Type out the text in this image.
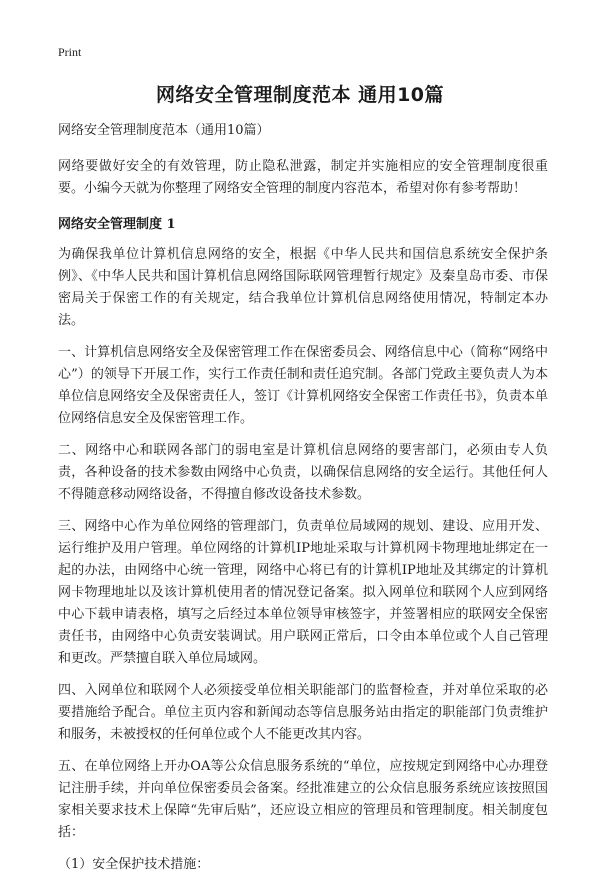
Print
网络安全管理制度范本 通用10篇

网络安全管理制度范本（通用10篇）

网络要做好安全的有效管理，防止隐私泄露，制定并实施相应的安全管理制度很重要。小编今天就为你整理了网络安全管理的制度内容范本，希望对你有参考帮助！

网络安全管理制度 1

为确保我单位计算机信息网络的安全，根据《中华人民共和国信息系统安全保护条例》、《中华人民共和国计算机信息网络国际联网管理暂行规定》及秦皇岛市委、市保密局关于保密工作的有关规定，结合我单位计算机信息网络使用情况，特制定本办法。

一、计算机信息网络安全及保密管理工作在保密委员会、网络信息中心（简称“网络中心”）的领导下开展工作，实行工作责任制和责任追究制。各部门党政主要负责人为本单位信息网络安全及保密责任人，签订《计算机网络安全保密工作责任书》，负责本单位网络信息安全及保密管理工作。

二、网络中心和联网各部门的弱电室是计算机信息网络的要害部门，必须由专人负责，各种设备的技术参数由网络中心负责，以确保信息网络的安全运行。其他任何人不得随意移动网络设备，不得擅自修改设备技术参数。

三、网络中心作为单位网络的管理部门，负责单位局域网的规划、建设、应用开发、运行维护及用户管理。单位网络的计算机IP地址采取与计算机网卡物理地址绑定在一起的办法，由网络中心统一管理，网络中心将已有的计算机IP地址及其绑定的计算机网卡物理地址以及该计算机使用者的情况登记备案。拟入网单位和联网个人应到网络中心下载申请表格，填写之后经过本单位领导审核签字，并签署相应的联网安全保密责任书，由网络中心负责安装调试。用户联网正常后，口令由本单位或个人自己管理和更改。严禁擅自联入单位局域网。

四、入网单位和联网个人必须接受单位相关职能部门的监督检查，并对单位采取的必要措施给予配合。单位主页内容和新闻动态等信息服务站由指定的职能部门负责维护和服务，未被授权的任何单位或个人不能更改其内容。

五、在单位网络上开办OA等公众信息服务系统的“单位，应按规定到网络中心办理登记注册手续，并向单位保密委员会备案。经批准建立的公众信息服务系统应该按照国家相关要求技术上保障“先审后贴”，还应设立相应的管理员和管理制度。相关制度包括：

（1）安全保护技术措施：
